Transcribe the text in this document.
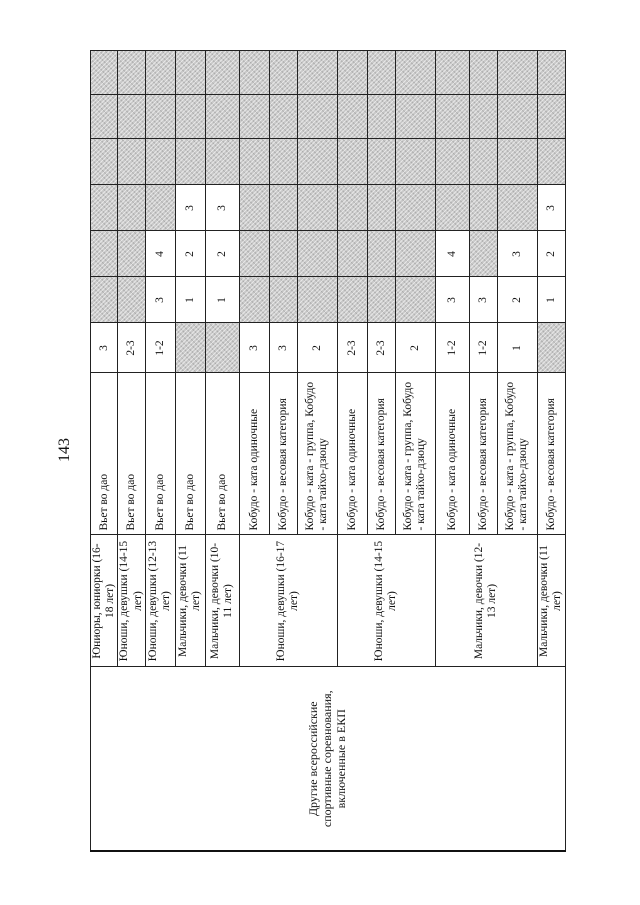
143
Другие всероссийские спортивные соревнования, включенные в ЕКП	Юниоры, юниорки (16-18 лет)	Вьет во дао	3						
	Юноши, девушки (14-15 лет)	Вьет во дао	2-3						
	Юноши, девушки (12-13 лет)	Вьет во дао	1-2	3	4				
	Мальчики, девочки (11 лет)	Вьет во дао		1	2	3			
	Мальчики, девочки (10-11 лет)	Вьет во дао		1	2	3			
	Юноши, девушки (16-17 лет)	Кобудо - ката одиночные	3						
		Кобудо - весовая категория	3						
		Кобудо - ката - группа, Кобудо - ката тайхо-дзюцу	2						
	Юноши, девушки (14-15 лет)	Кобудо - ката одиночные	2-3						
		Кобудо - весовая категория	2-3						
		Кобудо - ката - группа, Кобудо - ката тайхо-дзюцу	2						
	Мальчики, девочки (12-13 лет)	Кобудо - ката одиночные	1-2	3	4				
		Кобудо - весовая категория	1-2	3					
		Кобудо - ката - группа, Кобудо - ката тайхо-дзюцу	1	2	3				
	Мальчики, девочки (11 лет)	Кобудо - весовая категория		1	2	3			
